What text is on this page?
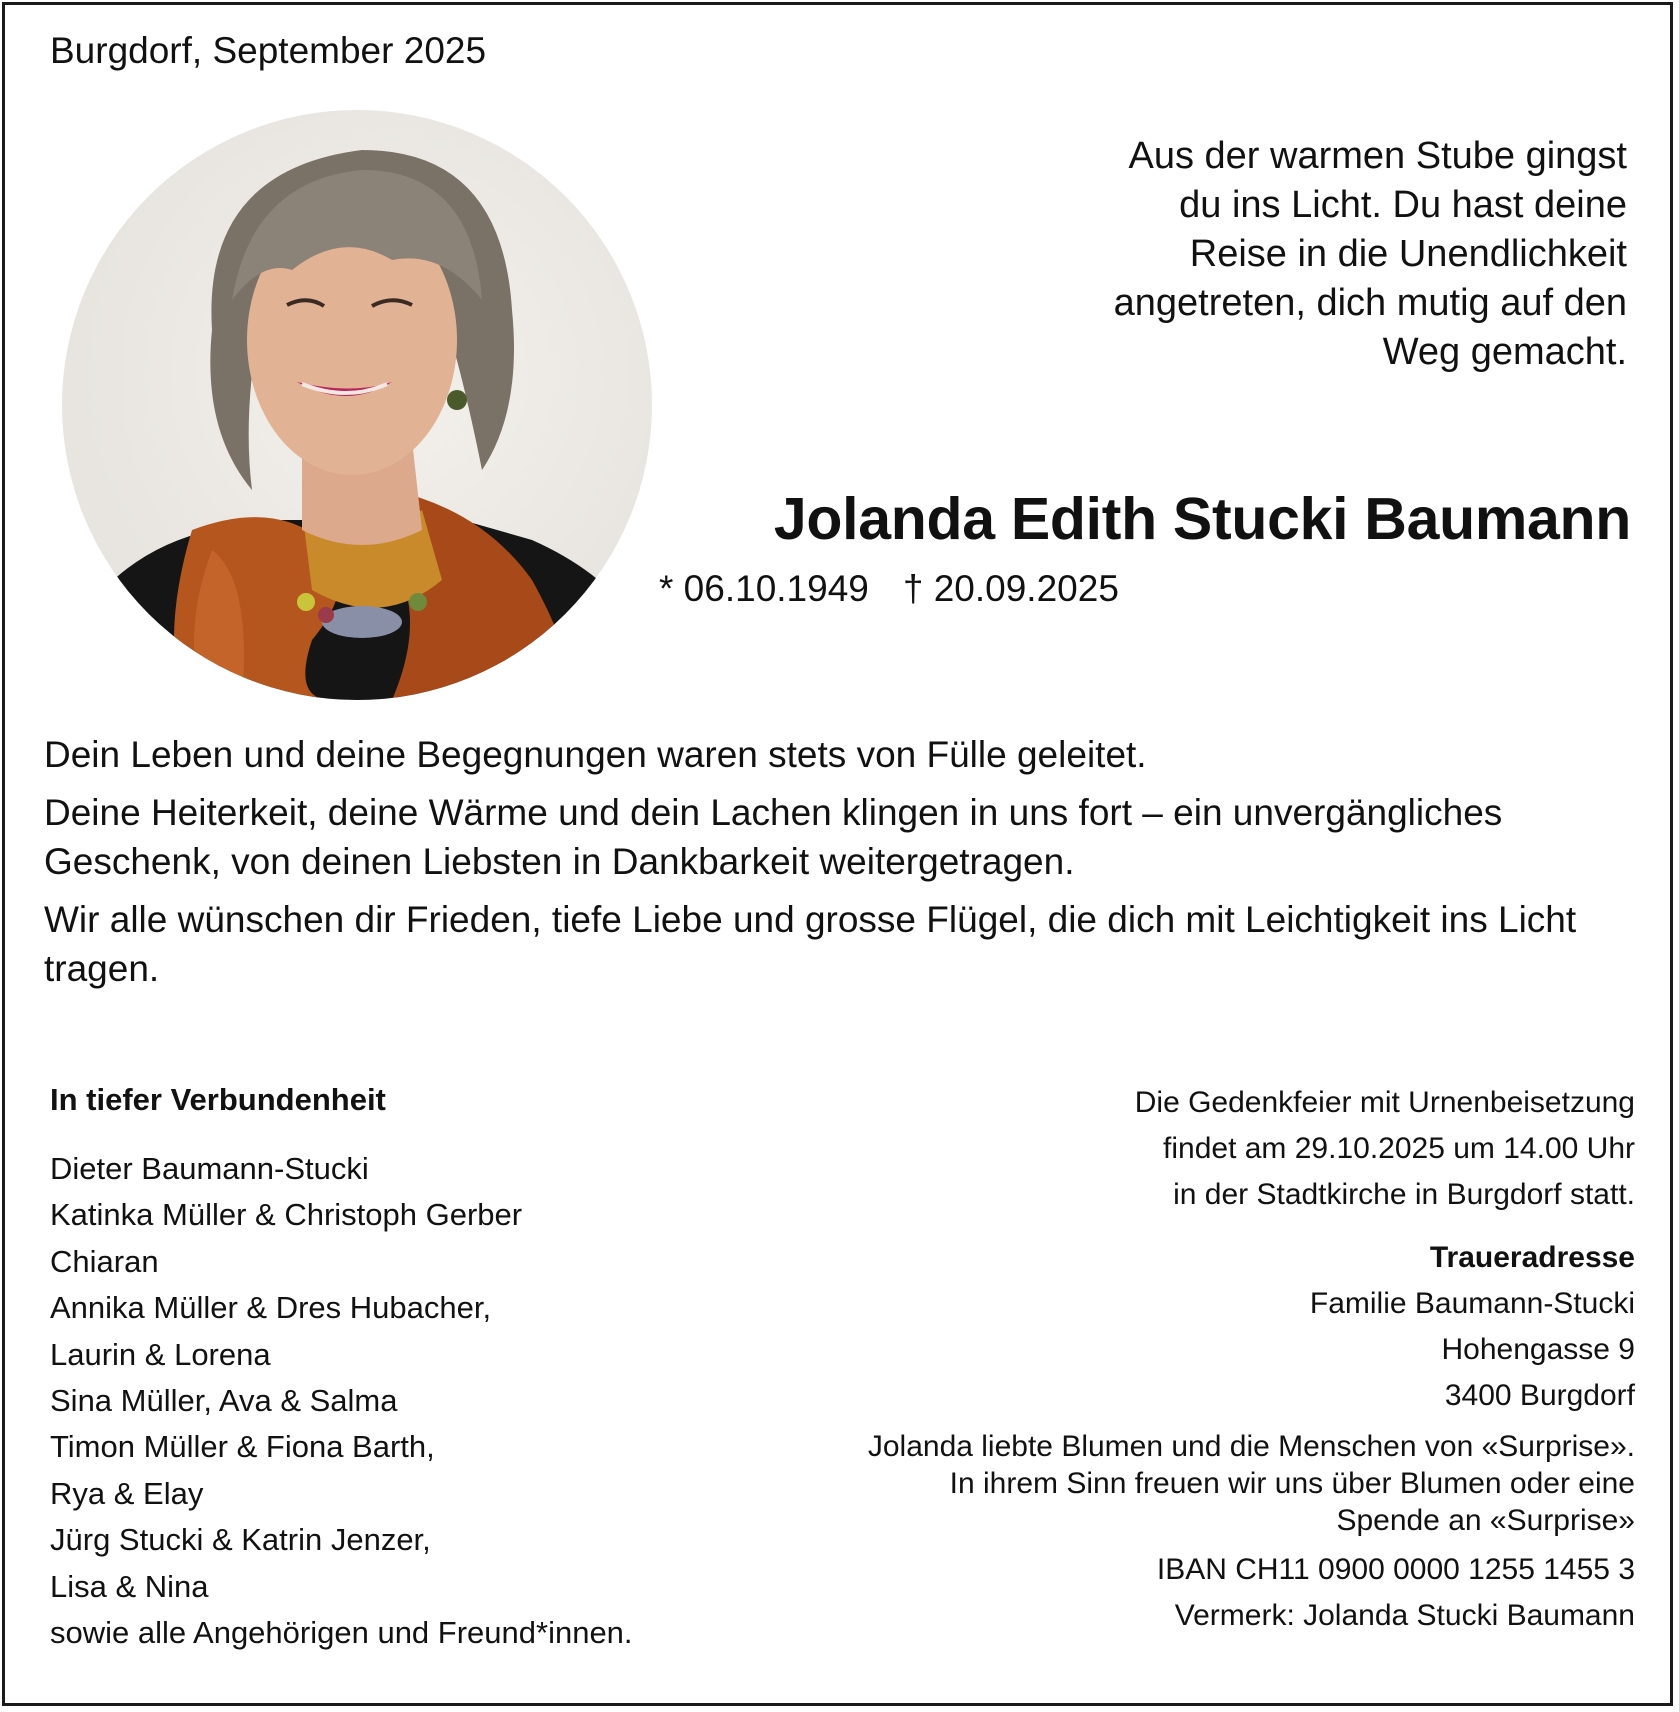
Burgdorf, September 2025
Aus der warmen Stube gingst
du ins Licht. Du hast deine
Reise in die Unendlichkeit
angetreten, dich mutig auf den
Weg gemacht.
Jolanda Edith Stucki Baumann
* 06.10.1949 † 20.09.2025

Dein Leben und deine Begegnungen waren stets von Fülle geleitet.

Deine Heiterkeit, deine Wärme und dein Lachen klingen in uns fort – ein unvergängliches Geschenk, von deinen Liebsten in Dankbarkeit weitergetragen.

Wir alle wünschen dir Frieden, tiefe Liebe und grosse Flügel, die dich mit Leichtigkeit ins Licht tragen.

In tiefer Verbundenheit
Dieter Baumann-Stucki
Katinka Müller & Christoph Gerber
Chiaran
Annika Müller & Dres Hubacher,
Laurin & Lorena
Sina Müller, Ava & Salma
Timon Müller & Fiona Barth,
Rya & Elay
Jürg Stucki & Katrin Jenzer,
Lisa & Nina
sowie alle Angehörigen und Freund*innen.
Die Gedenkfeier mit Urnenbeisetzung
findet am 29.10.2025 um 14.00 Uhr
in der Stadtkirche in Burgdorf statt.
Traueradresse
Familie Baumann-Stucki
Hohengasse 9
3400 Burgdorf
Jolanda liebte Blumen und die Menschen von «Surprise». In ihrem Sinn freuen wir uns über Blumen oder eine Spende an «Surprise»
IBAN CH11 0900 0000 1255 1455 3
Vermerk: Jolanda Stucki Baumann
